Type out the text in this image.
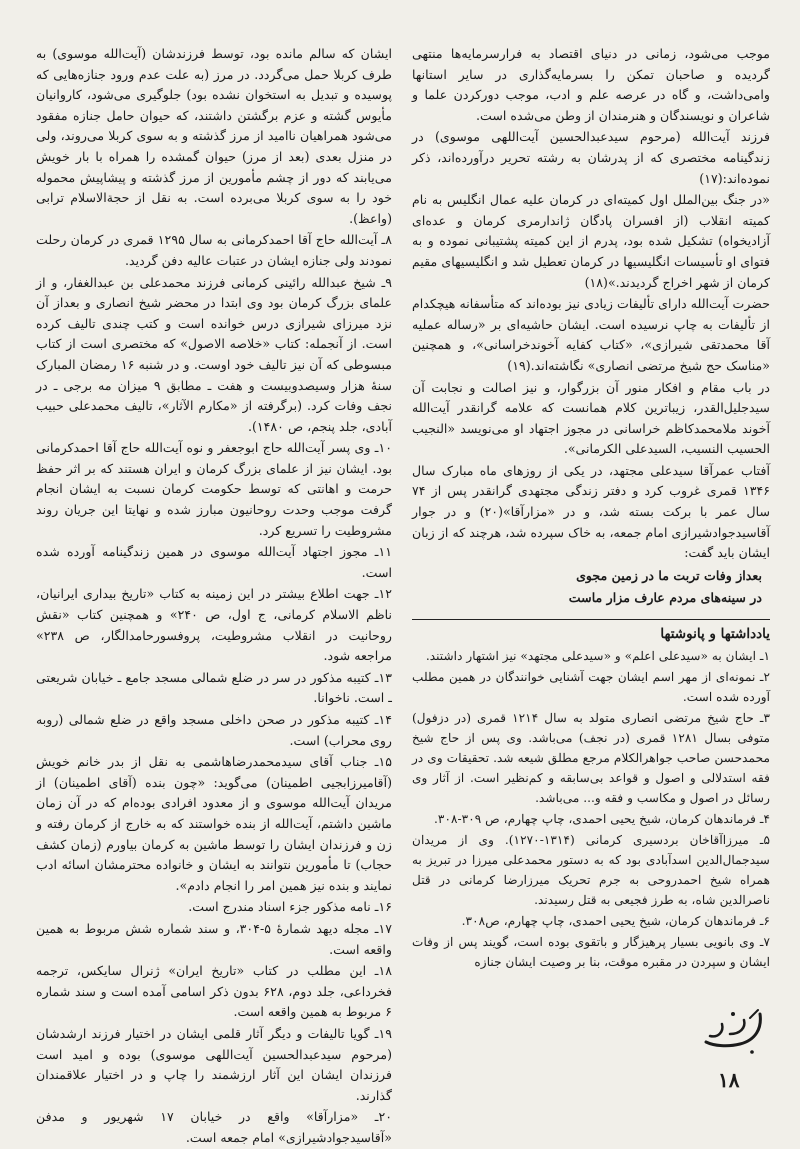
موجب می‌شود، زمانی در دنیای اقتصاد به فرارسرمایه‌ها منتهی گردیده و صاحبان تمکن را بسرمایه‌گذاری در سایر استانها وامی‌داشت، و گاه در عرصه علم و ادب، موجب دورکردن علما و شاعران و نویسندگان و هنرمندان از وطن می‌شده است.

فرزند آیت‌الله (مرحوم سیدعبدالحسین آیت‌اللهی موسوی) در زندگینامه مختصری که از پدرشان به رشته تحریر درآورده‌اند، ذکر نموده‌اند:(۱۷)

«در جنگ بین‌الملل اول کمیته‌ای در کرمان علیه عمال انگلیس به نام کمیته انقلاب (از افسران پادگان ژاندارمری کرمان و عده‌ای آزادیخواه) تشکیل شده بود، پدرم از این کمیته پشتیبانی نموده و به فتوای او تأسیسات انگلیسیها در کرمان تعطیل شد و انگلیسیهای مقیم کرمان از شهر اخراج گردیدند.»(۱۸)

حضرت آیت‌الله دارای تألیفات زیادی نیز بوده‌اند که متأسفانه هیچکدام از تألیفات به چاپ نرسیده است. ایشان حاشیه‌ای بر «رساله عملیه آقا محمدتقی شیرازی»، «کتاب کفایه آخوندخراسانی»، و همچنین «مناسک حج شیخ مرتضی انصاری» نگاشته‌اند.(۱۹)

در باب مقام و افکار منور آن بزرگوار، و نیز اصالت و نجابت آن سیدجلیل‌القدر، زیباترین کلام همانست که علامه گرانقدر آیت‌الله آخوند ملامحمدکاظم خراسانی در مجوز اجتهاد او می‌نویسد «النجیب الحسیب النسیب، السیدعلی الکرمانی».

آفتاب عمرآقا سیدعلی مجتهد، در یکی از روزهای ماه مبارک سال ۱۳۴۶ قمری غروب کرد و دفتر زندگی مجتهدی گرانقدر پس از ۷۴ سال عمر با برکت بسته شد، و در «مزارآقا»(۲۰) و در جوار آقاسیدجوادشیرازی امام جمعه، به خاک سپرده شد، هرچند که از زبان ایشان باید گفت:

بعداز وفات تربت ما در زمین مجوی
در سینه‌های مردم عارف مزار ماست
یادداشتها و پانوشتها

۱ـ ایشان به «سیدعلی اعلم» و «سیدعلی مجتهد» نیز اشتهار داشتند.

۲ـ نمونه‌ای از مهر اسم ایشان جهت آشنایی خوانندگان در همین مطلب آورده شده است.

۳ـ حاج شیخ مرتضی انصاری متولد به سال ۱۲۱۴ قمری (در دزفول) متوفی بسال ۱۲۸۱ قمری (در نجف) می‌باشد. وی پس از حاج شیخ محمدحسن صاحب جواهرالکلام مرجع مطلق شیعه شد. تحقیقات وی در فقه استدلالی و اصول و قواعد بی‌سابقه و کم‌نظیر است. از آثار وی رسائل در اصول و مکاسب و فقه و... می‌باشد.

۴ـ فرماندهان کرمان، شیخ یحیی احمدی، چاپ چهارم، ص ۳۰۹-۳۰۸.

۵ـ میرزاآقاخان بردسیری کرمانی (۱۳۱۴-۱۲۷۰). وی از مریدان سیدجمال‌الدین اسدآبادی بود که به دستور محمدعلی میرزا در تبریز به همراه شیخ احمدروحی به جرم تحریک میرزارضا کرمانی در قتل ناصرالدین شاه، به طرز فجیعی به قتل رسیدند.

۶ـ فرماندهان کرمان، شیخ یحیی احمدی، چاپ چهارم، ص۳۰۸.

۷ـ وی بانویی بسیار پرهیزگار و باتقوی بوده است، گویند پس از وفات ایشان و سپردن در مقبره موقت، بنا بر وصیت ایشان جنازه

ایشان که سالم مانده بود، توسط فرزندشان (آیت‌الله موسوی) به طرف کربلا حمل می‌گردد. در مرز (به علت عدم ورود جنازه‌هایی که پوسیده و تبدیل به استخوان نشده بود) جلوگیری می‌شود، کاروانیان مأیوس گشته و عزم برگشتن داشتند، که حیوان حامل جنازه مفقود می‌شود همراهیان ناامید از مرز گذشته و به سوی کربلا می‌روند، ولی در منزل بعدی (بعد از مرز) حیوان گمشده را همراه با بار خویش می‌یابند که دور از چشم مأمورین از مرز گذشته و پیشاپیش محموله خود را به سوی کربلا می‌برده است. به نقل از حجةالاسلام ترابی (واعظ).

۸ـ آیت‌الله حاج آقا احمدکرمانی به سال ۱۲۹۵ قمری در کرمان رحلت نمودند ولی جنازه ایشان در عتبات عالیه دفن گردید.

۹ـ شیخ عبدالله رائینی کرمانی فرزند محمدعلی بن عبدالغفار، و از علمای بزرگ کرمان بود وی ابتدا در محضر شیخ انصاری و بعداز آن نزد میرزای شیرازی درس خوانده است و کتب چندی تالیف کرده است. از آنجمله: کتاب «خلاصه الاصول» که مختصری است از کتاب مبسوطی که آن نیز تالیف خود اوست. و در شنبه ۱۶ رمضان المبارک سنهٔ هزار وسیصدوبیست و هفت ـ مطابق ۹ میزان مه برجی ـ در نجف وفات کرد. (برگرفته از «مکارم الآثار»، تالیف محمدعلی حبیب آبادی، جلد پنجم، ص ۱۴۸۰).

۱۰ـ وی پسر آیت‌الله حاج ابوجعفر و نوه آیت‌الله حاج آقا احمدکرمانی بود. ایشان نیز از علمای بزرگ کرمان و ایران هستند که بر اثر حفظ حرمت و اهانتی که توسط حکومت کرمان نسبت به ایشان انجام گرفت موجب وحدت روحانیون مبارز شده و نهایتا این جریان روند مشروطیت را تسریع کرد.

۱۱ـ مجوز اجتهاد آیت‌الله موسوی در همین زندگینامه آورده شده است.

۱۲ـ جهت اطلاع بیشتر در این زمینه به کتاب «تاریخ بیداری ایرانیان، ناظم الاسلام کرمانی، ج اول، ص ۲۴۰» و همچنین کتاب «نقش روحانیت در انقلاب مشروطیت، پروفسورحامدالگار، ص ۲۳۸» مراجعه شود.

۱۳ـ کتیبه مذکور در سر در ضلع شمالی مسجد جامع ـ خیابان شریعتی ـ است. ناخوانا.

۱۴ـ کتیبه مذکور در صحن داخلی مسجد واقع در ضلع شمالی (روبه روی محراب) است.

۱۵ـ جناب آقای سیدمحمدرضاهاشمی به نقل از بدر خانم خویش (آقامیرزابجیی اطمینان) می‌گوید: «چون بنده (آقای اطمینان) از مریدان آیت‌الله موسوی و از معدود افرادی بوده‌ام که در آن زمان ماشین داشتم، آیت‌الله از بنده خواستند که به خارج از کرمان رفته و زن و فرزندان ایشان را توسط ماشین به کرمان بیاورم (زمان کشف حجاب) تا مأمورین نتوانند به ایشان و خانواده محترمشان اسائه ادب نمایند و بنده نیز همین امر را انجام دادم».

۱۶ـ نامه مذکور جزء اسناد مندرج است.

۱۷ـ مجله دیهد شمارهٔ ۵-۳۰۴، و سند شماره شش مربوط به همین واقعه است.

۱۸ـ این مطلب در کتاب «تاریخ ایران» ژنرال سایکس، ترجمه فخرداعی، جلد دوم، ۶۲۸ بدون ذکر اسامی آمده است و سند شماره ۶ مربوط به همین واقعه است.

۱۹ـ گویا تالیفات و دیگر آثار قلمی ایشان در اختیار فرزند ارشدشان (مرحوم سیدعبدالحسین آیت‌اللهی موسوی) بوده و امید است فرزندان ایشان این آثار ارزشمند را چاپ و در اختیار علاقمندان گذارند.

۲۰ـ «مزارآقا» واقع در خیابان ۱۷ شهریور و مدفن «آقاسیدجوادشیرازی» امام جمعه است.

۱۸
